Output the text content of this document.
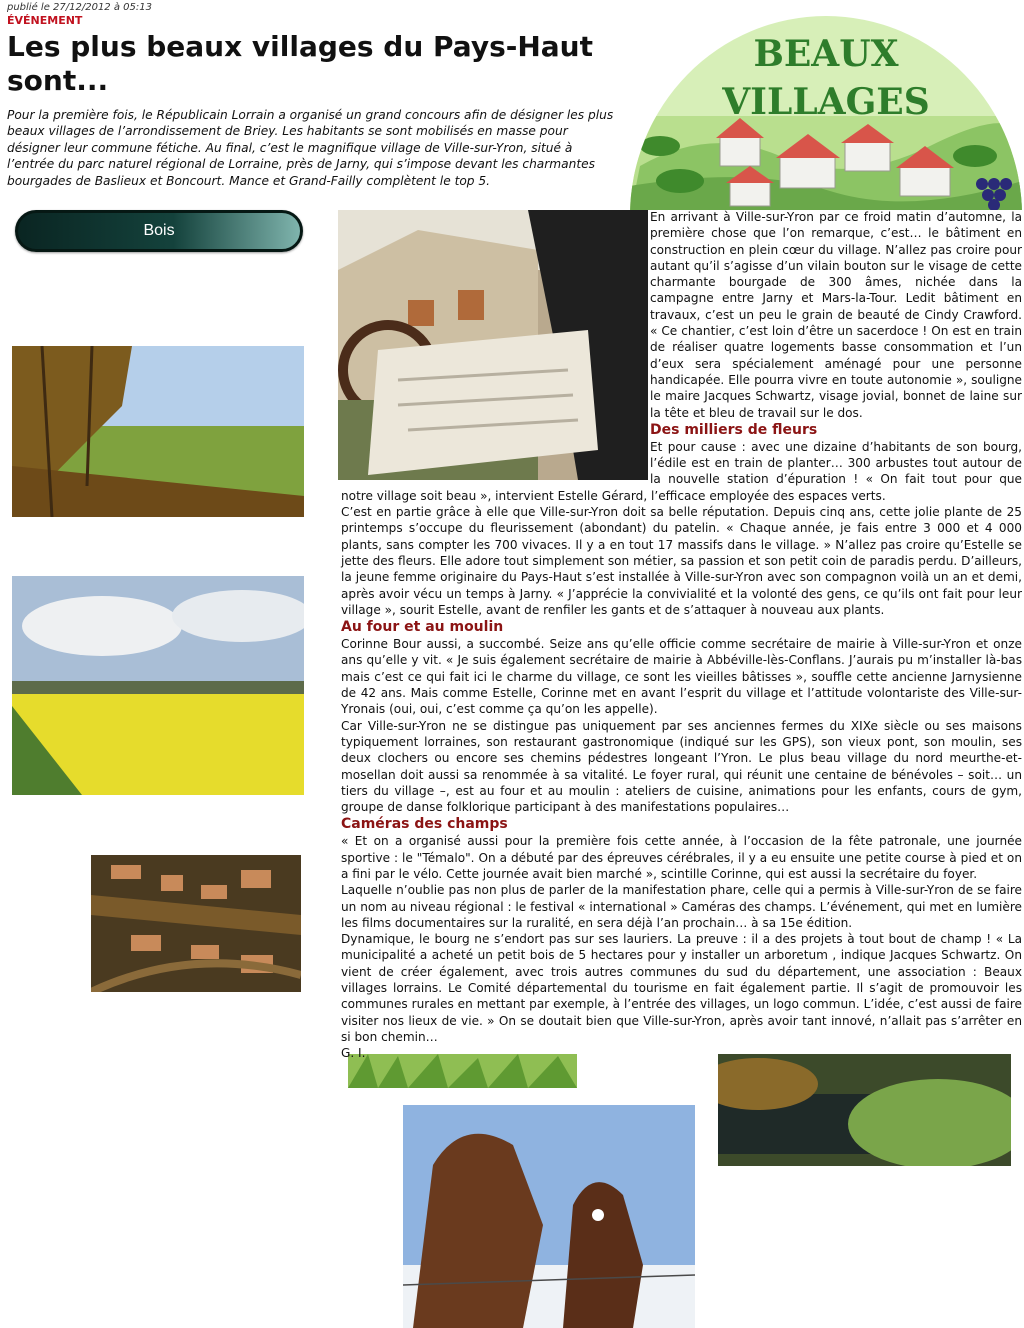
publié le 27/12/2012 à 05:13
ÉVÉNEMENT
Les plus beaux villages du Pays-Haut sont...

Pour la première fois, le Républicain Lorrain a organisé un grand concours afin de désigner les plus beaux villages de l’arrondissement de Briey. Les habitants se sont mobilisés en masse pour désigner leur commune fétiche. Au final, c’est le magnifique village de Ville-sur-Yron, situé à l’entrée du parc naturel régional de Lorraine, près de Jarny, qui s’impose devant les charmantes bourgades de Baslieux et Boncourt. Mance et Grand-Failly complètent le top 5.

BEAUX
VILLAGES
Bois

En arrivant à Ville-sur-Yron par ce froid matin d’automne, la première chose que l’on remarque, c’est… le bâtiment en construction en plein cœur du village. N’allez pas croire pour autant qu’il s’agisse d’un vilain bouton sur le visage de cette charmante bourgade de 300 âmes, nichée dans la campagne entre Jarny et Mars-la-Tour. Ledit bâtiment en travaux, c’est un peu le grain de beauté de Cindy Crawford. « Ce chantier, c’est loin d’être un sacerdoce ! On est en train de réaliser quatre logements basse consommation et l’un d’eux sera spécialement aménagé pour une personne handicapée. Elle pourra vivre en toute autonomie », souligne le maire Jacques Schwartz, visage jovial, bonnet de laine sur la tête et bleu de travail sur le dos.

Des milliers de fleurs

Et pour cause : avec une dizaine d’habitants de son bourg, l’édile est en train de planter… 300 arbustes tout autour de la nouvelle station d’épuration ! « On fait tout pour que notre village soit beau », intervient Estelle Gérard, l’efficace employée des espaces verts.

C’est en partie grâce à elle que Ville-sur-Yron doit sa belle réputation. Depuis cinq ans, cette jolie plante de 25 printemps s’occupe du fleurissement (abondant) du patelin. « Chaque année, je fais entre 3 000 et 4 000 plants, sans compter les 700 vivaces. Il y a en tout 17 massifs dans le village. » N’allez pas croire qu’Estelle se jette des fleurs. Elle adore tout simplement son métier, sa passion et son petit coin de paradis perdu. D’ailleurs, la jeune femme originaire du Pays-Haut s’est installée à Ville-sur-Yron avec son compagnon voilà un an et demi, après avoir vécu un temps à Jarny. « J’apprécie la convivialité et la volonté des gens, ce qu’ils ont fait pour leur village », sourit Estelle, avant de renfiler les gants et de s’attaquer à nouveau aux plants.

Au four et au moulin

Corinne Bour aussi, a succombé. Seize ans qu’elle officie comme secrétaire de mairie à Ville-sur-Yron et onze ans qu’elle y vit. « Je suis également secrétaire de mairie à Abbéville-lès-Conflans. J’aurais pu m’installer là-bas mais c’est ce qui fait ici le charme du village, ce sont les vieilles bâtisses », souffle cette ancienne Jarnysienne de 42 ans. Mais comme Estelle, Corinne met en avant l’esprit du village et l’attitude volontariste des Ville-sur-Yronais (oui, oui, c’est comme ça qu’on les appelle).

Car Ville-sur-Yron ne se distingue pas uniquement par ses anciennes fermes du XIXe siècle ou ses maisons typiquement lorraines, son restaurant gastronomique (indiqué sur les GPS), son vieux pont, son moulin, ses deux clochers ou encore ses chemins pédestres longeant l’Yron. Le plus beau village du nord meurthe-et-mosellan doit aussi sa renommée à sa vitalité. Le foyer rural, qui réunit une centaine de bénévoles – soit… un tiers du village –, est au four et au moulin : ateliers de cuisine, animations pour les enfants, cours de gym, groupe de danse folklorique participant à des manifestations populaires…

Caméras des champs

« Et on a organisé aussi pour la première fois cette année, à l’occasion de la fête patronale, une journée sportive : le "Témalo". On a débuté par des épreuves cérébrales, il y a eu ensuite une petite course à pied et on a fini par le vélo. Cette journée avait bien marché », scintille Corinne, qui est aussi la secrétaire du foyer.

Laquelle n’oublie pas non plus de parler de la manifestation phare, celle qui a permis à Ville-sur-Yron de se faire un nom au niveau régional : le festival « international » Caméras des champs. L’événement, qui met en lumière les films documentaires sur la ruralité, en sera déjà l’an prochain… à sa 15e édition.

Dynamique, le bourg ne s’endort pas sur ses lauriers. La preuve : il a des projets à tout bout de champ ! « La municipalité a acheté un petit bois de 5 hectares pour y installer un arboretum , indique Jacques Schwartz. On vient de créer également, avec trois autres communes du sud du département, une association : Beaux villages lorrains. Le Comité départemental du tourisme en fait également partie. Il s’agit de promouvoir les communes rurales en mettant par exemple, à l’entrée des villages, un logo commun. L’idée, c’est aussi de faire visiter nos lieux de vie. » On se doutait bien que Ville-sur-Yron, après avoir tant innové, n’allait pas s’arrêter en si bon chemin…

G. I.
